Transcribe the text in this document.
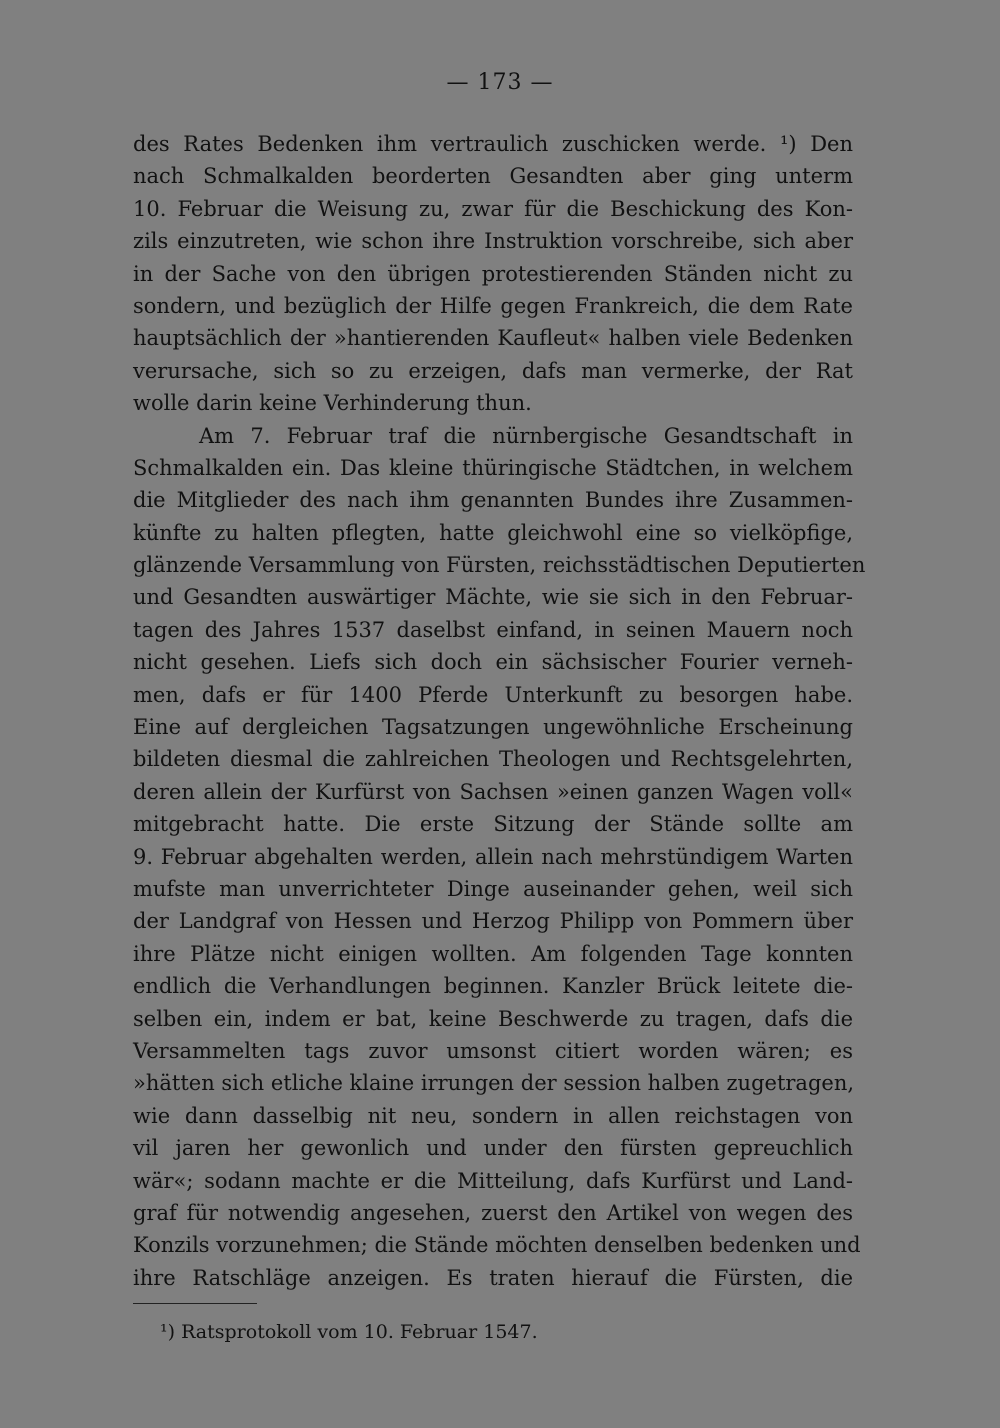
— 173 —
des Rates Bedenken ihm vertraulich zuschicken werde. ¹) Den
nach Schmalkalden beorderten Gesandten aber ging unterm
10. Februar die Weisung zu, zwar für die Beschickung des Kon-
zils einzutreten, wie schon ihre Instruktion vorschreibe, sich aber
in der Sache von den übrigen protestierenden Ständen nicht zu
sondern, und bezüglich der Hilfe gegen Frankreich, die dem Rate
hauptsächlich der »hantierenden Kaufleut« halben viele Bedenken
verursache, sich so zu erzeigen, dafs man vermerke, der Rat
wolle darin keine Verhinderung thun.
Am 7. Februar traf die nürnbergische Gesandtschaft in
Schmalkalden ein. Das kleine thüringische Städtchen, in welchem
die Mitglieder des nach ihm genannten Bundes ihre Zusammen-
künfte zu halten pflegten, hatte gleichwohl eine so vielköpfige,
glänzende Versammlung von Fürsten, reichsstädtischen Deputierten
und Gesandten auswärtiger Mächte, wie sie sich in den Februar-
tagen des Jahres 1537 daselbst einfand, in seinen Mauern noch
nicht gesehen. Liefs sich doch ein sächsischer Fourier verneh-
men, dafs er für 1400 Pferde Unterkunft zu besorgen habe.
Eine auf dergleichen Tagsatzungen ungewöhnliche Erscheinung
bildeten diesmal die zahlreichen Theologen und Rechtsgelehrten,
deren allein der Kurfürst von Sachsen »einen ganzen Wagen voll«
mitgebracht hatte. Die erste Sitzung der Stände sollte am
9. Februar abgehalten werden, allein nach mehrstündigem Warten
mufste man unverrichteter Dinge auseinander gehen, weil sich
der Landgraf von Hessen und Herzog Philipp von Pommern über
ihre Plätze nicht einigen wollten. Am folgenden Tage konnten
endlich die Verhandlungen beginnen. Kanzler Brück leitete die-
selben ein, indem er bat, keine Beschwerde zu tragen, dafs die
Versammelten tags zuvor umsonst citiert worden wären; es
»hätten sich etliche klaine irrungen der session halben zugetragen,
wie dann dasselbig nit neu, sondern in allen reichstagen von
vil jaren her gewonlich und under den fürsten gepreuchlich
wär«; sodann machte er die Mitteilung, dafs Kurfürst und Land-
graf für notwendig angesehen, zuerst den Artikel von wegen des
Konzils vorzunehmen; die Stände möchten denselben bedenken und
ihre Ratschläge anzeigen. Es traten hierauf die Fürsten, die
¹) Ratsprotokoll vom 10. Februar 1547.
